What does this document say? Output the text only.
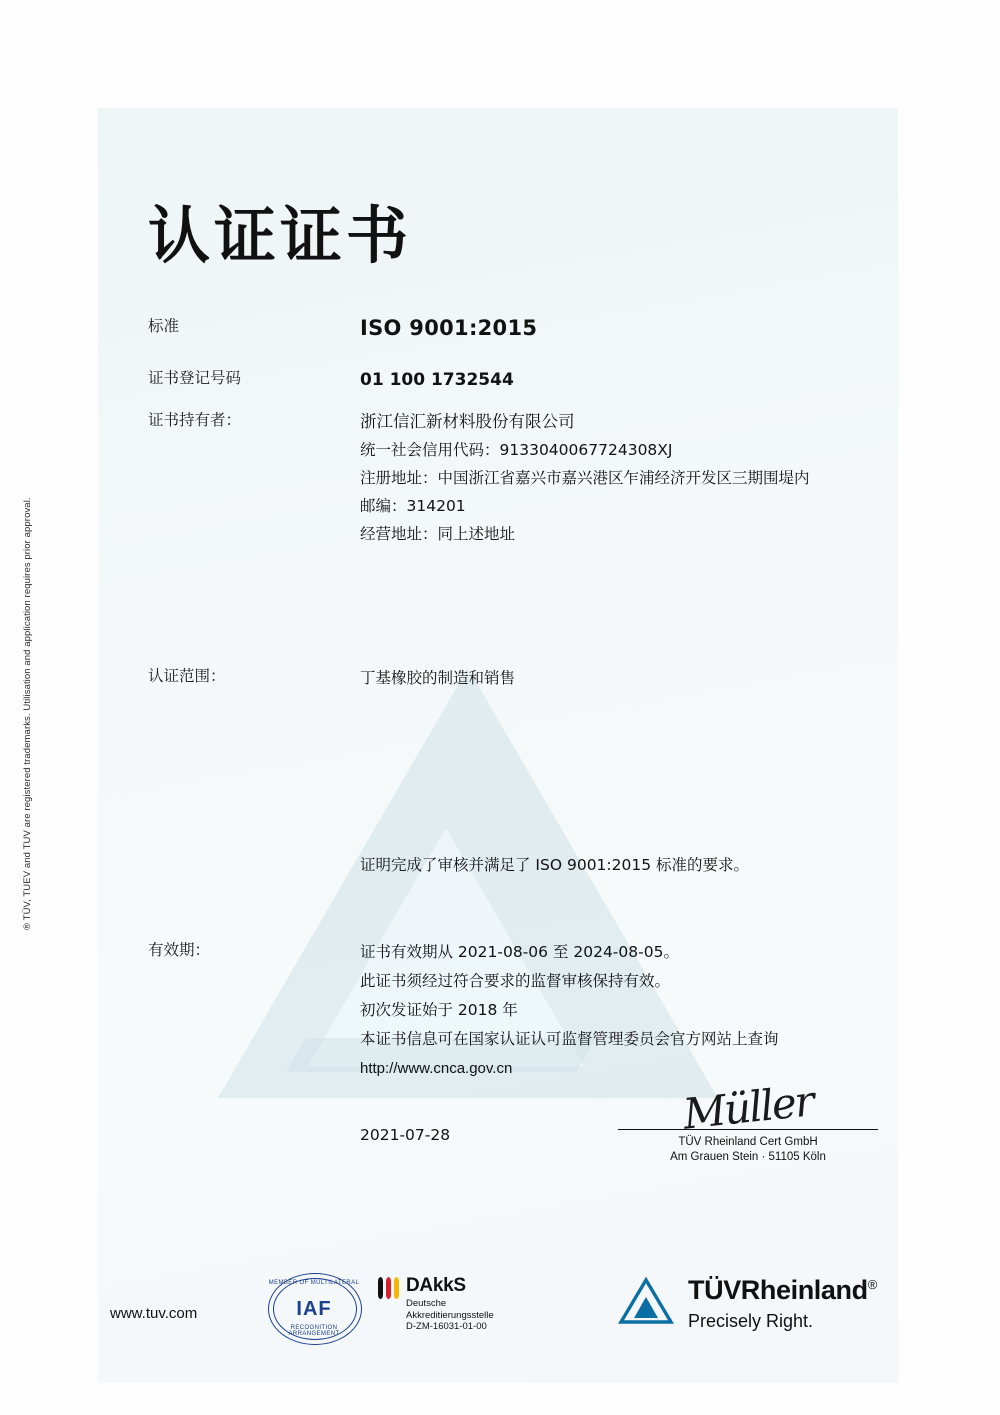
® TÜV, TUEV and TUV are registered trademarks. Utilisation and application requires prior approval.
认证证书
标准	ISO 9001:2015
证书登记号码	01 100 1732544
证书持有者：	浙江信汇新材料股份有限公司
统一社会信用代码：9133040067724308XJ
注册地址：中国浙江省嘉兴市嘉兴港区乍浦经济开发区三期围堤内
邮编：314201
经营地址：同上述地址
认证范围：	丁基橡胶的制造和销售
证明完成了审核并满足了 ISO 9001:2015 标准的要求。
有效期：	证书有效期从 2021-08-06 至 2024-08-05。
此证书须经过符合要求的监督审核保持有效。
初次发证始于 2018 年
本证书信息可在国家认证认可监督管理委员会官方网站上查询
http://www.cnca.gov.cn
2021-07-28	Müller
TÜV Rheinland Cert GmbH
Am Grauen Stein · 51105 Köln
www.tuv.com
MEMBER OF MULTILATERAL
IAF
RECOGNITION ARRANGEMENT
DAkkS
Deutsche
Akkreditierungsstelle
D-ZM-16031-01-00
TÜVRheinland®
Precisely Right.
